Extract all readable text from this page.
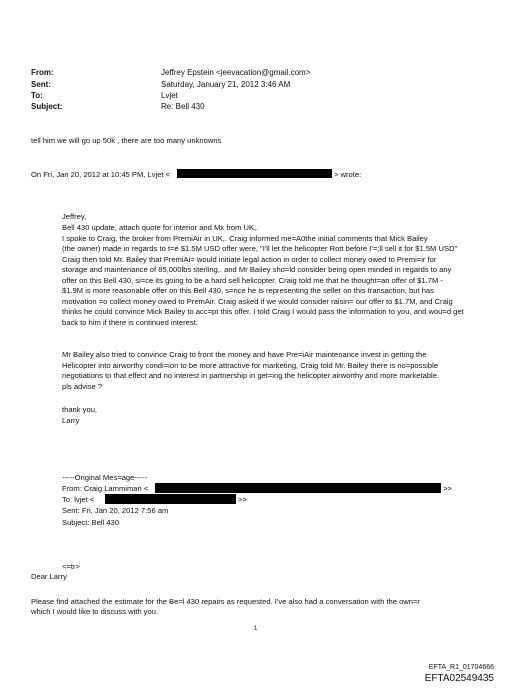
From:	Jeffrey Epstein <jeevacation@gmail.com>
Sent:	Saturday, January 21, 2012 3:46 AM
To:	Lvjet
Subject:	Re: Bell 430
tell him we will go up 50k , there are too many unknowns
On Fri, Jan 20, 2012 at 10:45 PM, Lvjet <	> wrote:
Jeffrey,
Bell 430 update, attach quote for interior and Mx from UK,.
I spoke to Craig, the broker from PremiAir in UK,. Craig informed me=A0the initial comments that Mick Bailey
(the owner) made in regards to t=e $1.5M USD offer were, "I'll let the helicopter Rott before I'=;ll sell it for $1.5M USD"
Craig then told Mr. Bailey that PremiAi= would initiate legal action in order to collect money owed to Premi=ir for
storage and maintenance of 85,000lbs sterling,. and Mr Bailey sho=ld consider being open minded in regards to any
offer on this Bell 430, si=ce its going to be a hard sell helicopter. Craig told me that he thought=an offer of $1.7M -
$1.9M is more reasonable offer on this Bell 430, s=nce he is representing the seller on this transaction, but has
motivation =o collect money owed to PremAir. Craig asked if we would consider raisin= our offer to $1.7M, and Craig
thinks he could convince Mick Bailey to acc=pt this offer. I told Craig I would pass the information to you, and wou=d get
back to him if there is continued interest.
Mr Bailey also tried to convince Craig to front the money and have Pre=iAir maintenance invest in getting the
Helicopter into airworthy condi=ion to be more attractive for marketing, Craig told Mr. Bailey there is no=possible
negotiations to that effect and no interest in partnership in get=ing the helicopter airworthy and more marketable.
pls advise ?
thank you,
Larry
-----Original Mes=age-----
From: Craig Lammiman <	>>
To: lvjet <	>>
Sent: Fri, Jan 20, 2012 7:56 am
Subject: Bell 430
<=tr>
Dear Larry
Please find attached the estimate for the Be=l 430 repairs as requested. I've also had a conversation with the own=r
which I would like to discuss with you.
1
EFTA_R1_01704666
EFTA02549435
